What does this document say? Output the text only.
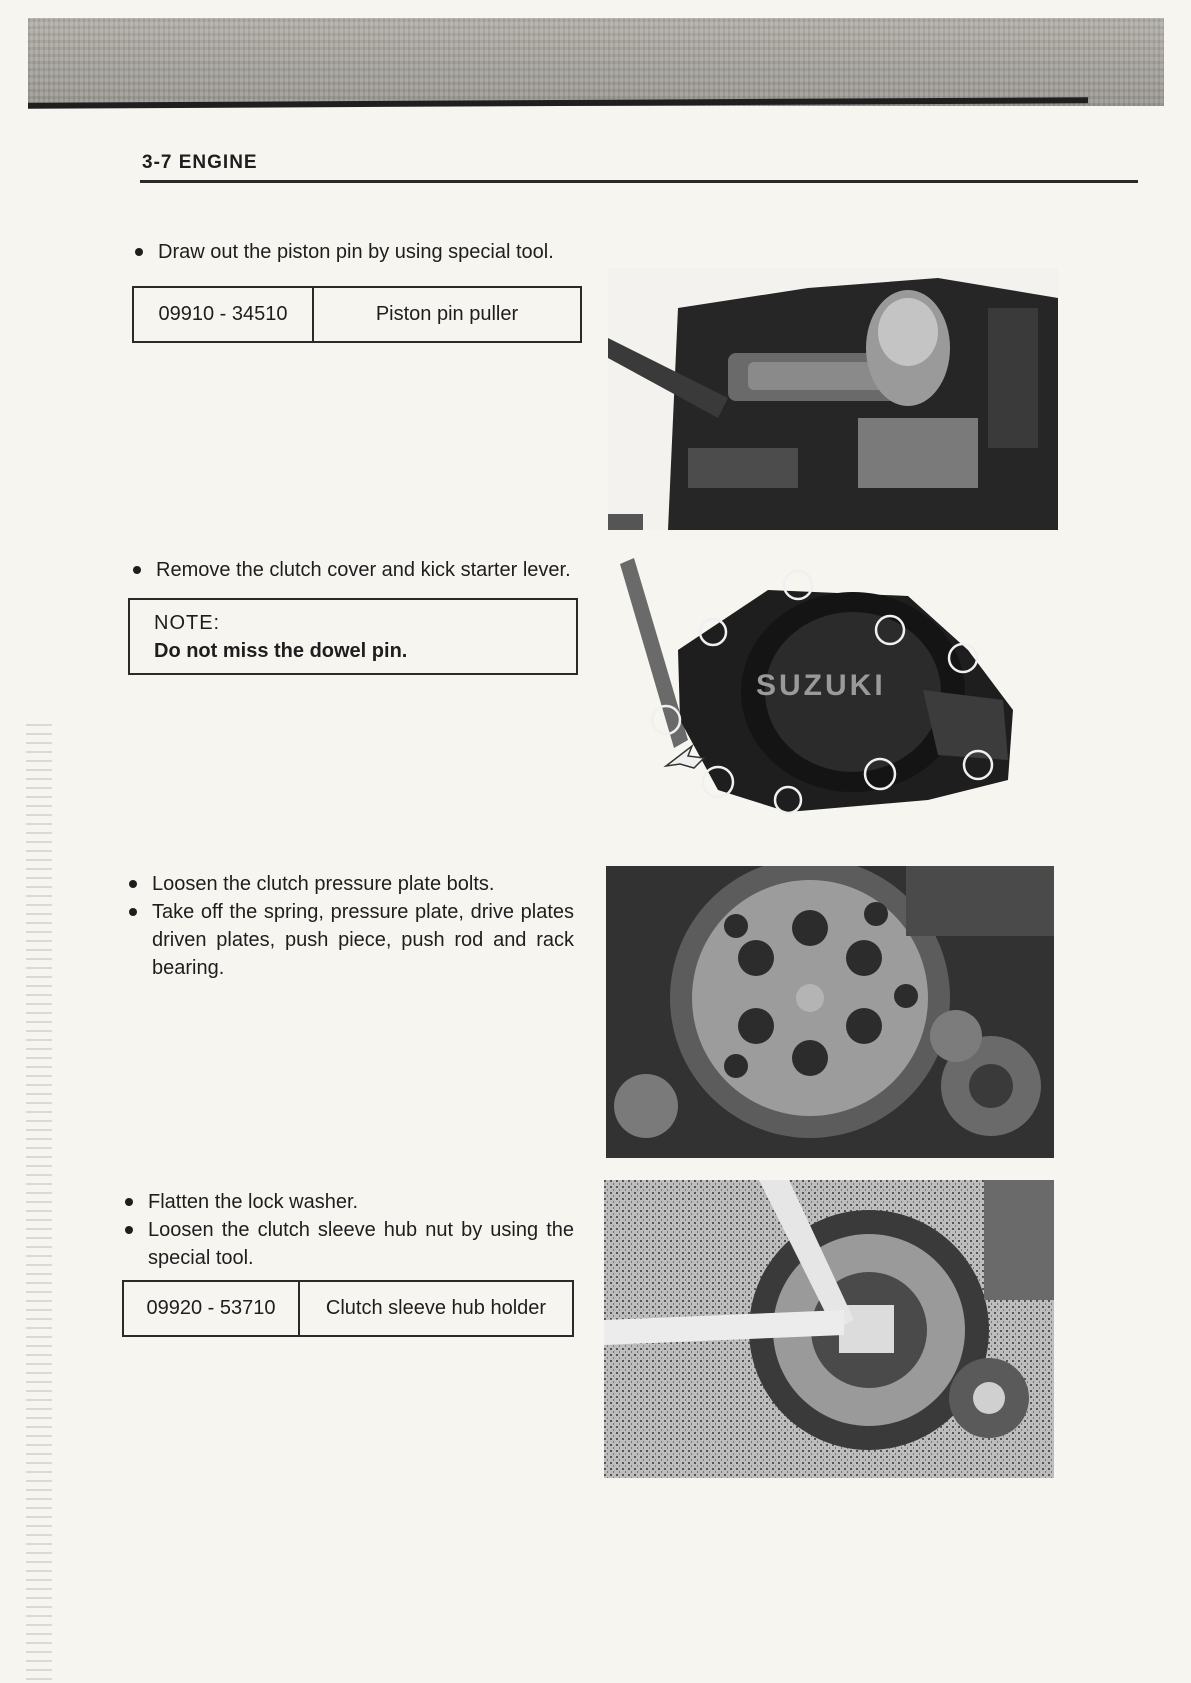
3-7 ENGINE
Draw out the piston pin by using special tool.
09910 - 34510	Piston pin puller
Remove the clutch cover and kick starter lever.
NOTE:
Do not miss the dowel pin.
SUZUKI
Loosen the clutch pressure plate bolts.
Take off the spring, pressure plate, drive plates driven plates, push piece, push rod and rack bearing.
Flatten the lock washer.
Loosen the clutch sleeve hub nut by using the special tool.
09920 - 53710	Clutch sleeve hub holder
